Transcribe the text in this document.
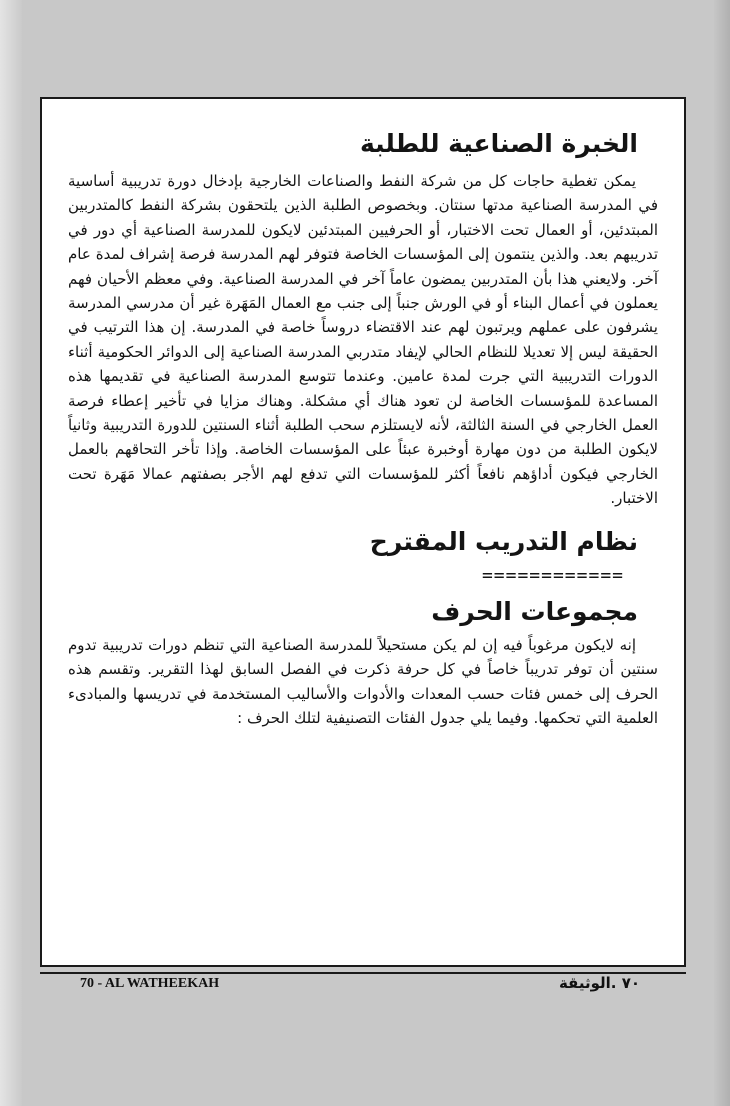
الخبرة الصناعية للطلبة

يمكن تغطية حاجات كل من شركة النفط والصناعات الخارجية بإدخال دورة تدريبية أساسية في المدرسة الصناعية مدتها سنتان. وبخصوص الطلبة الذين يلتحقون بشركة النفط كالمتدربين المبتدئين، أو العمال تحت الاختبار، أو الحرفيين المبتدئين لايكون للمدرسة الصناعية أي دور في تدريبهم بعد. والذين ينتمون إلى المؤسسات الخاصة فتوفر لهم المدرسة فرصة إشراف لمدة عام آخر. ولايعني هذا بأن المتدربين يمضون عاماً آخر في المدرسة الصناعية. وفي معظم الأحيان فهم يعملون في أعمال البناء أو في الورش جنباً إلى جنب مع العمال المَهَرة غير أن مدرسي المدرسة يشرفون على عملهم ويرتبون لهم عند الاقتضاء دروساً خاصة في المدرسة. إن هذا الترتيب في الحقيقة ليس إلا تعديلا للنظام الحالي لإيفاد متدربي المدرسة الصناعية إلى الدوائر الحكومية أثناء الدورات التدريبية التي جرت لمدة عامين. وعندما تتوسع المدرسة الصناعية في تقديمها هذه المساعدة للمؤسسات الخاصة لن تعود هناك أي مشكلة. وهناك مزايا في تأخير إعطاء فرصة العمل الخارجي في السنة الثالثة، لأنه لايستلزم سحب الطلبة أثناء السنتين للدورة التدريبية وثانياً لايكون الطلبة من دون مهارة أوخبرة عبئاً على المؤسسات الخاصة. وإذا تأخر التحاقهم بالعمل الخارجي فيكون أداؤهم نافعاً أكثر للمؤسسات التي تدفع لهم الأجر بصفتهم عمالا مَهَرة تحت الاختبار.

نظام التدريب المقترح
============
مجموعات الحرف

إنه لايكون مرغوباً فيه إن لم يكن مستحيلاً للمدرسة الصناعية التي تنظم دورات تدريبية تدوم سنتين أن توفر تدريباً خاصاً في كل حرفة ذكرت في الفصل السابق لهذا التقرير. وتقسم هذه الحرف إلى خمس فئات حسب المعدات والأدوات والأساليب المستخدمة في تدريسها والمبادىء العلمية التي تحكمها. وفيما يلي جدول الفئات التصنيفية لتلك الحرف :

70 - AL WATHEEKAH	٧٠ .الوثيقة
